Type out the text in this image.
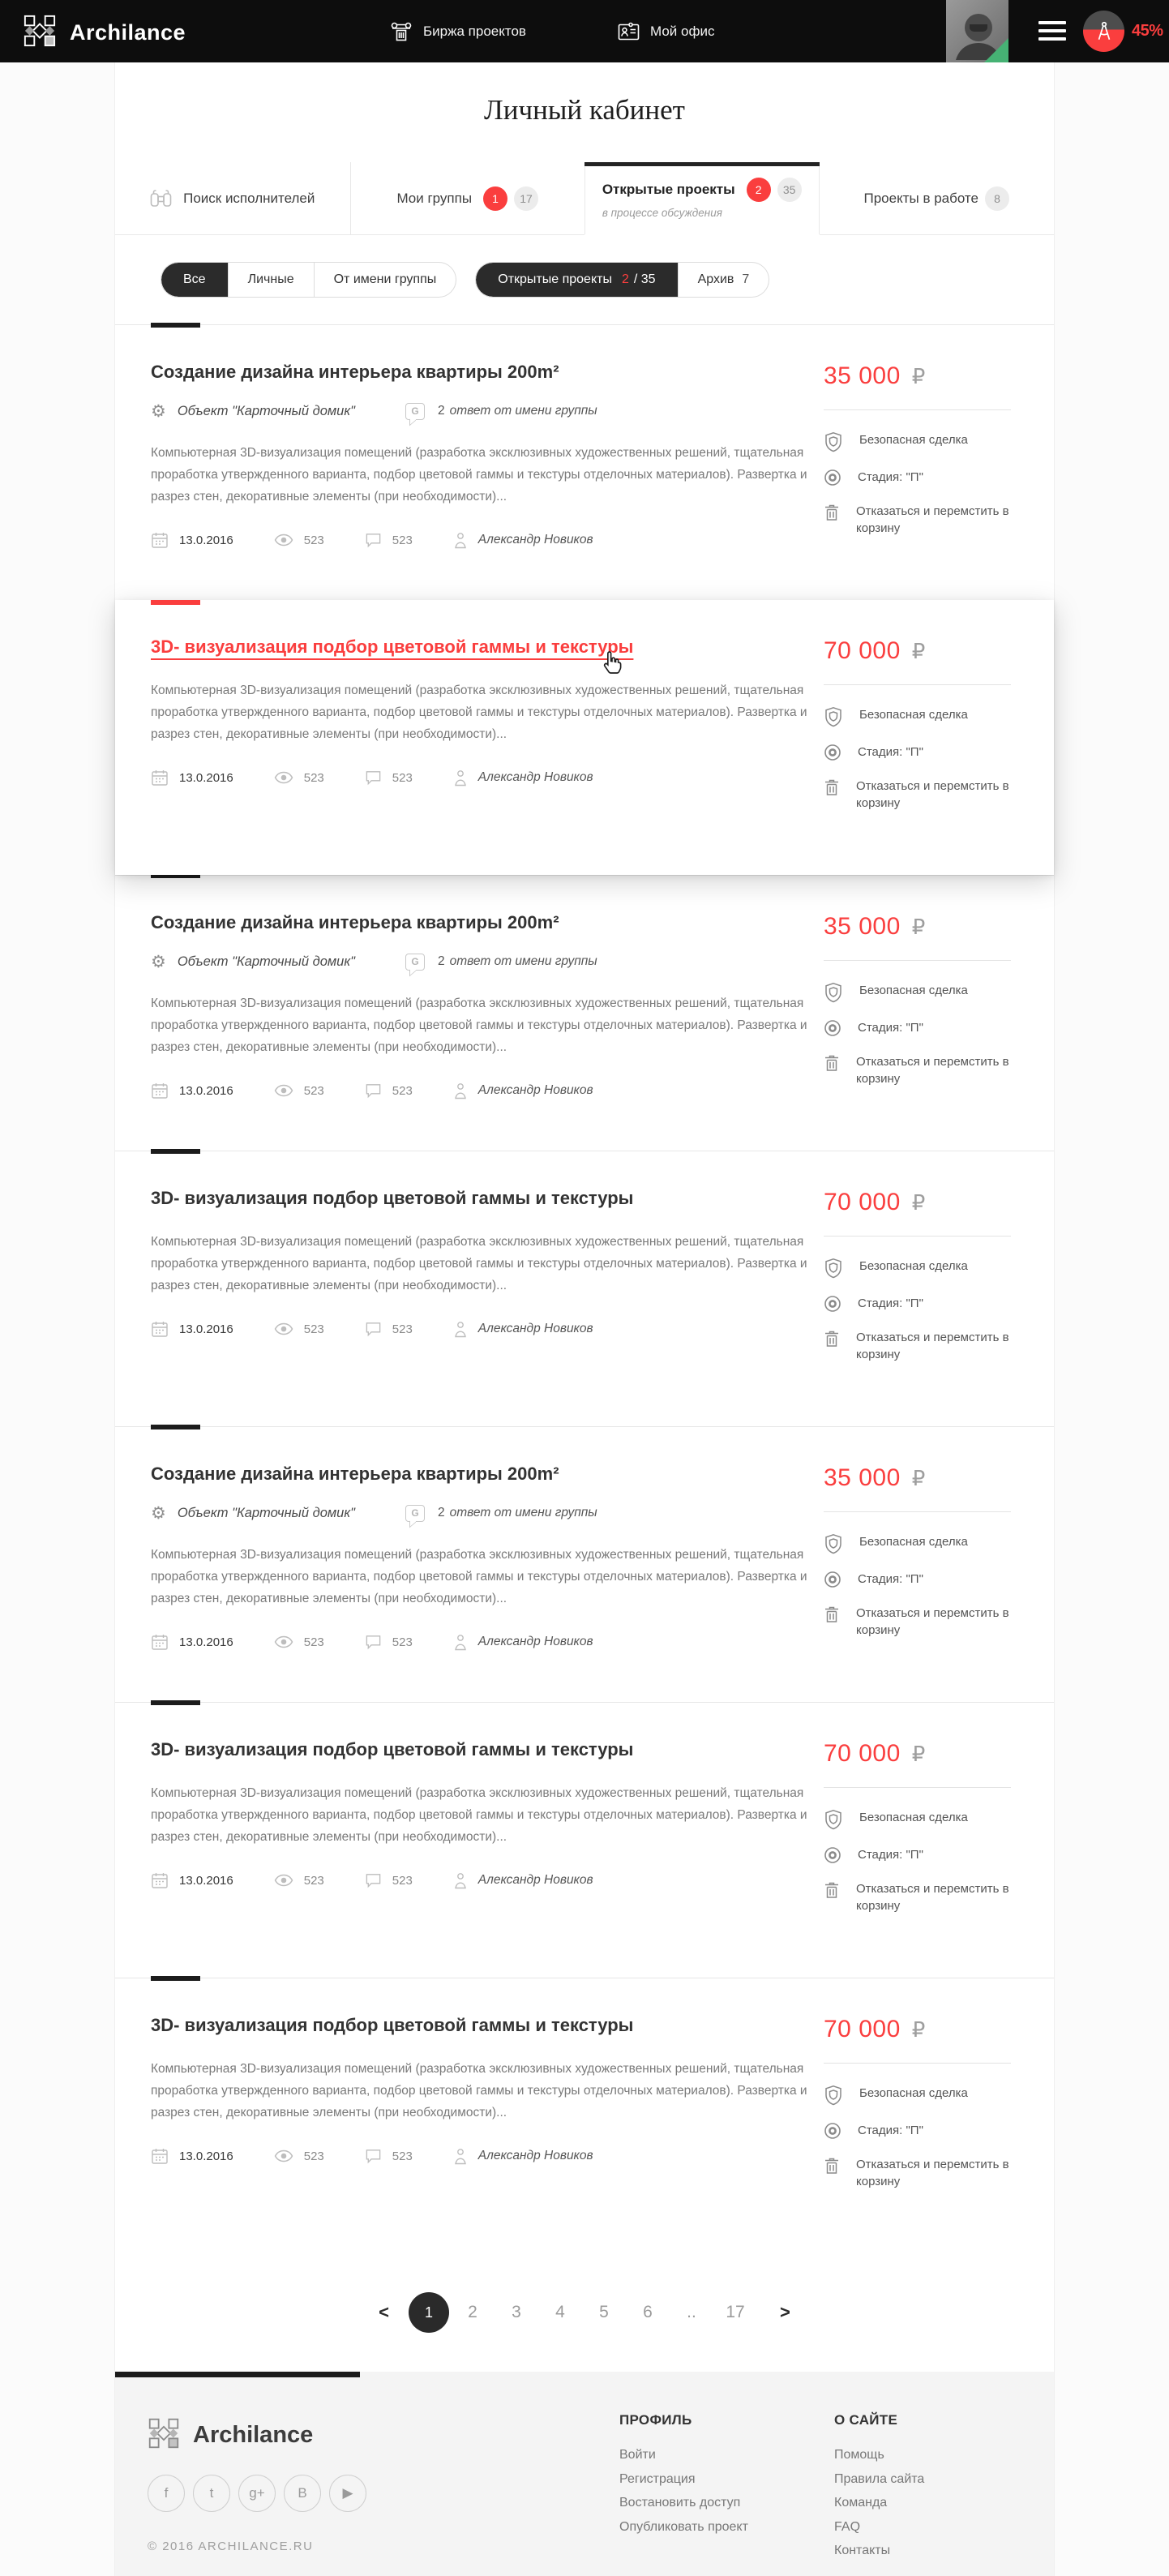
Archilance	Биржа проектов	Мой офис	45%
Личный кабинет
Поиск исполнителей	Мои группы	1	17
Открытые проекты	2	35
в процессе обсуждения
Проекты в работе	8
Все	Личные	От имени группы	Открытые проекты 2 / 35	Архив 7
Создание дизайна интерьера квартиры 200m²
⚙ Объект "Карточный домик"	G 2 ответ от имени группы

Компьютерная 3D-визуализация помещений (разработка эксклюзивных художественных решений, тщательная проработка утвержденного варианта, подбор цветовой гаммы и текстуры отделочных материалов). Развертка и разрез стен, декоративные элементы (при необходимости)...

13.0.2016	523	523	Александр Новиков
35 000 ₽
Безопасная сделка
Стадия: "П"
Отказаться и перемстить в корзину
3D- визуализация подбор цветовой гаммы и текстуры

Компьютерная 3D-визуализация помещений (разработка эксклюзивных художественных решений, тщательная проработка утвержденного варианта, подбор цветовой гаммы и текстуры отделочных материалов). Развертка и разрез стен, декоративные элементы (при необходимости)...

13.0.2016	523	523	Александр Новиков
70 000 ₽
Безопасная сделка
Стадия: "П"
Отказаться и перемстить в корзину
Создание дизайна интерьера квартиры 200m²
⚙ Объект "Карточный домик"	G 2 ответ от имени группы

Компьютерная 3D-визуализация помещений (разработка эксклюзивных художественных решений, тщательная проработка утвержденного варианта, подбор цветовой гаммы и текстуры отделочных материалов). Развертка и разрез стен, декоративные элементы (при необходимости)...

13.0.2016	523	523	Александр Новиков
35 000 ₽
Безопасная сделка
Стадия: "П"
Отказаться и перемстить в корзину
3D- визуализация подбор цветовой гаммы и текстуры

Компьютерная 3D-визуализация помещений (разработка эксклюзивных художественных решений, тщательная проработка утвержденного варианта, подбор цветовой гаммы и текстуры отделочных материалов). Развертка и разрез стен, декоративные элементы (при необходимости)...

13.0.2016	523	523	Александр Новиков
70 000 ₽
Безопасная сделка
Стадия: "П"
Отказаться и перемстить в корзину
Создание дизайна интерьера квартиры 200m²
⚙ Объект "Карточный домик"	G 2 ответ от имени группы

Компьютерная 3D-визуализация помещений (разработка эксклюзивных художественных решений, тщательная проработка утвержденного варианта, подбор цветовой гаммы и текстуры отделочных материалов). Развертка и разрез стен, декоративные элементы (при необходимости)...

13.0.2016	523	523	Александр Новиков
35 000 ₽
Безопасная сделка
Стадия: "П"
Отказаться и перемстить в корзину
3D- визуализация подбор цветовой гаммы и текстуры

Компьютерная 3D-визуализация помещений (разработка эксклюзивных художественных решений, тщательная проработка утвержденного варианта, подбор цветовой гаммы и текстуры отделочных материалов). Развертка и разрез стен, декоративные элементы (при необходимости)...

13.0.2016	523	523	Александр Новиков
70 000 ₽
Безопасная сделка
Стадия: "П"
Отказаться и перемстить в корзину
3D- визуализация подбор цветовой гаммы и текстуры

Компьютерная 3D-визуализация помещений (разработка эксклюзивных художественных решений, тщательная проработка утвержденного варианта, подбор цветовой гаммы и текстуры отделочных материалов). Развертка и разрез стен, декоративные элементы (при необходимости)...

13.0.2016	523	523	Александр Новиков
70 000 ₽
Безопасная сделка
Стадия: "П"
Отказаться и перемстить в корзину
<	1	2	3	4	5	6	..	17	>
Archilance
f	t	g+	B	▶
© 2016 ARCHILANCE.RU
ПРОФИЛЬ
Войти
Регистрация
Востановить доступ
Опубликовать проект
О САЙТЕ
Помощь
Правила сайта
Команда
FAQ
Контакты
